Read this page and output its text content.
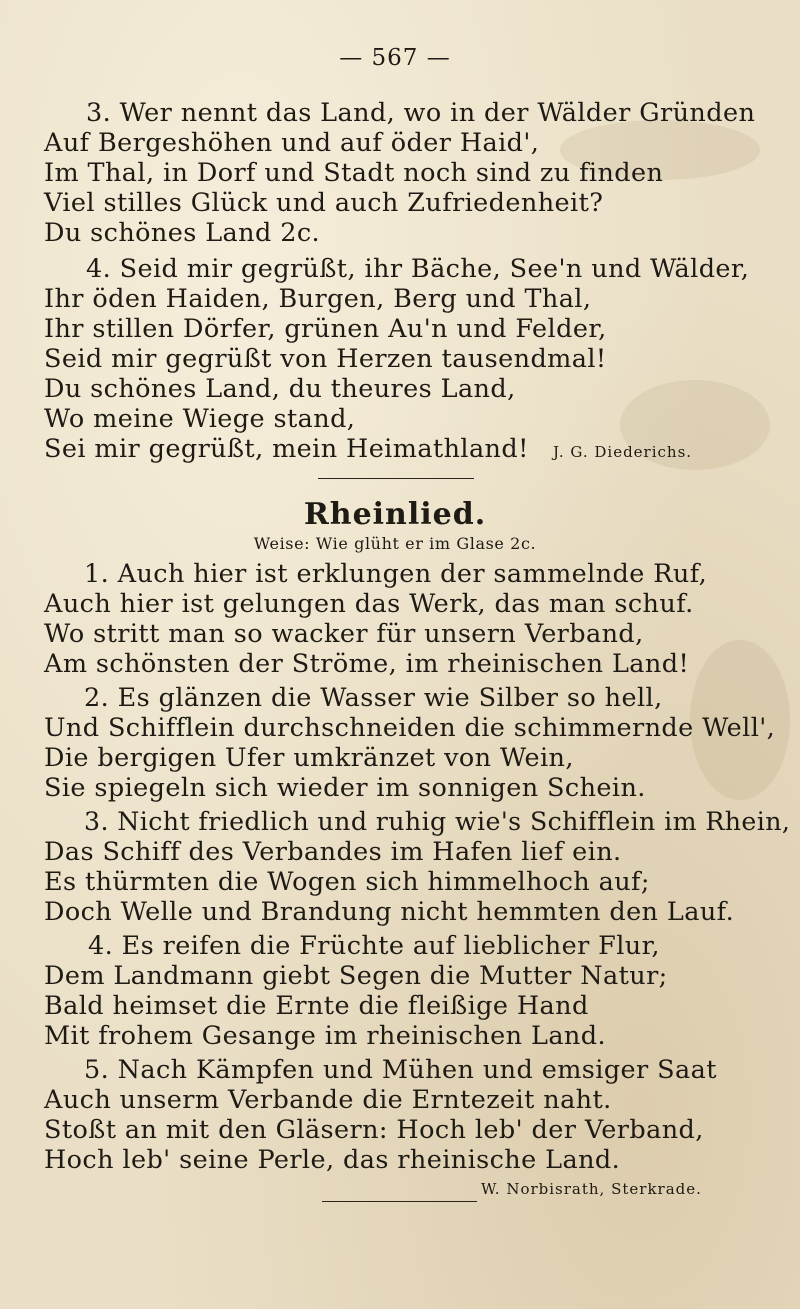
— 567 —
3. Wer nennt das Land, wo in der Wälder Gründen
Auf Bergeshöhen und auf öder Haid',
Im Thal, in Dorf und Stadt noch sind zu finden
Viel stilles Glück und auch Zufriedenheit?
Du schönes Land 2c.
4. Seid mir gegrüßt, ihr Bäche, See'n und Wälder,
Ihr öden Haiden, Burgen, Berg und Thal,
Ihr stillen Dörfer, grünen Au'n und Felder,
Seid mir gegrüßt von Herzen tausendmal!
Du schönes Land, du theures Land,
Wo meine Wiege stand,
Sei mir gegrüßt, mein Heimathland! J. G. Diederichs.
Rheinlied.
Weise: Wie glüht er im Glase 2c.
1. Auch hier ist erklungen der sammelnde Ruf,
Auch hier ist gelungen das Werk, das man schuf.
Wo stritt man so wacker für unsern Verband,
Am schönsten der Ströme, im rheinischen Land!
2. Es glänzen die Wasser wie Silber so hell,
Und Schifflein durchschneiden die schimmernde Well',
Die bergigen Ufer umkränzet von Wein,
Sie spiegeln sich wieder im sonnigen Schein.
3. Nicht friedlich und ruhig wie's Schifflein im Rhein,
Das Schiff des Verbandes im Hafen lief ein.
Es thürmten die Wogen sich himmelhoch auf;
Doch Welle und Brandung nicht hemmten den Lauf.
4. Es reifen die Früchte auf lieblicher Flur,
Dem Landmann giebt Segen die Mutter Natur;
Bald heimset die Ernte die fleißige Hand
Mit frohem Gesange im rheinischen Land.
5. Nach Kämpfen und Mühen und emsiger Saat
Auch unserm Verbande die Erntezeit naht.
Stoßt an mit den Gläsern: Hoch leb' der Verband,
Hoch leb' seine Perle, das rheinische Land.
W. Norbisrath, Sterkrade.
